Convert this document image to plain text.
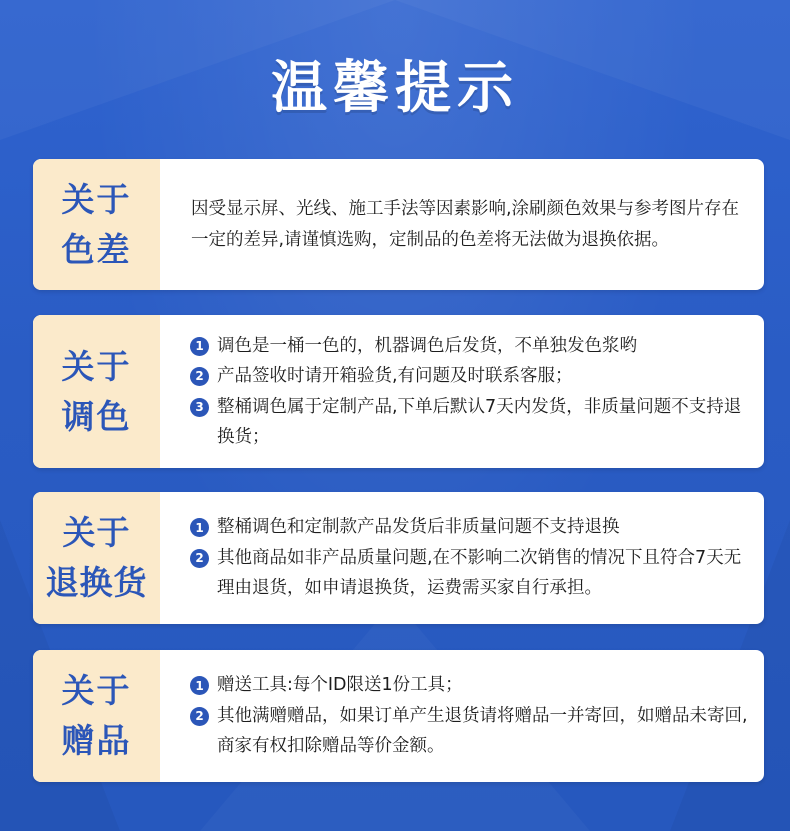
温馨提示
关于
色差
因受显示屏、光线、施工手法等因素影响,涂刷颜色效果与参考图片存在一定的差异,请谨慎选购，定制品的色差将无法做为退换依据。
关于
调色
1 调色是一桶一色的，机器调色后发货，不单独发色浆哟
2 产品签收时请开箱验货,有问题及时联系客服；
3 整桶调色属于定制产品,下单后默认7天内发货，非质量问题不支持退换货；
关于
退换货
1 整桶调色和定制款产品发货后非质量问题不支持退换
2 其他商品如非产品质量问题,在不影响二次销售的情况下且符合7天无理由退货，如申请退换货，运费需买家自行承担。
关于
赠品
1 赠送工具:每个ID限送1份工具；
2 其他满赠赠品，如果订单产生退货请将赠品一并寄回，如赠品未寄回,商家有权扣除赠品等价金额。
